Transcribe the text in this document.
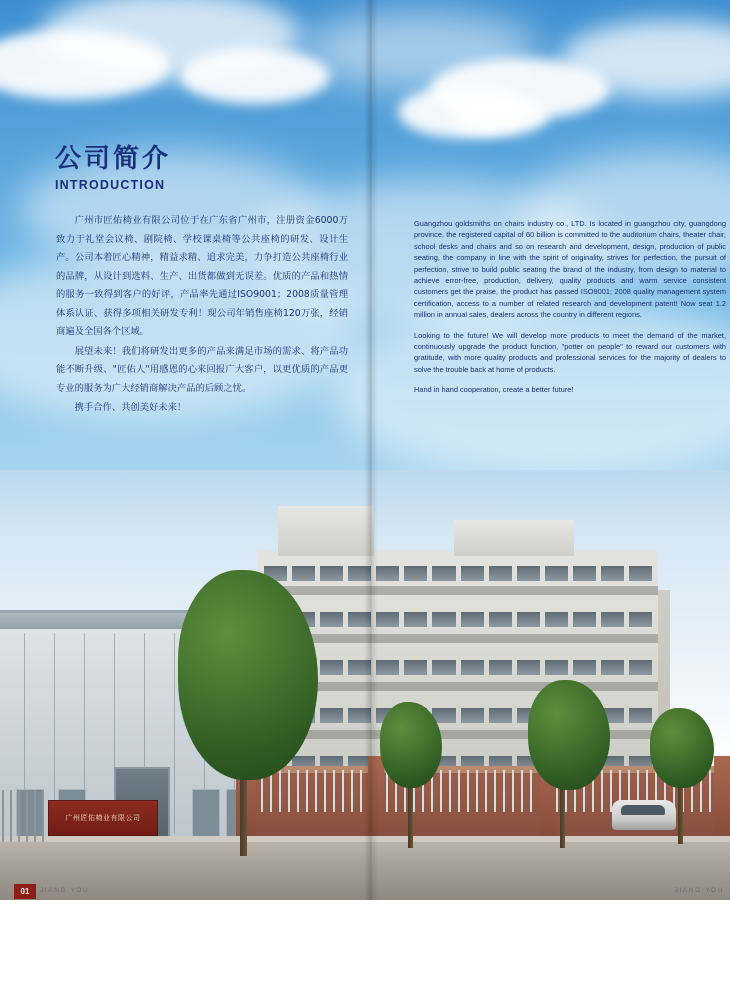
公司简介
INTRODUCTION

广州市匠佑椅业有限公司位于在广东省广州市，注册资金6000万致力于礼堂会议椅、剧院椅、学校课桌椅等公共座椅的研发、设计生产。公司本着匠心精神，精益求精、追求完美，力争打造公共座椅行业的品牌，从设计到选料、生产、出货都做到无误差。优质的产品和热情的服务一致得到客户的好评，产品率先通过ISO9001；2008质量管理体系认证、获得多项相关研发专利！现公司年销售座椅120万张，经销商遍及全国各个区域。

展望未来！我们将研发出更多的产品来满足市场的需求、将产品功能不断升级、"匠佑人"用感恩的心来回报广大客户，以更优质的产品更专业的服务为广大经销商解决产品的后顾之忧。

携手合作、共创美好未来！

Guangzhou goldsmiths on chairs industry co., LTD. Is located in guangzhou city, guangdong province, the registered capital of 60 billion is committed to the auditorium chairs, theater chair, school desks and chairs and so on research and development, design, production of public seating, the company in line with the spirit of originality, strives for perfection, the pursuit of perfection, strive to build public seating the brand of the industry, from design to material to achieve error-free, production, delivery, quality products and warm service consistent customers get the praise, the product has passed ISO9001; 2008 quality management system certification, access to a number of related research and development patent! Now seat 1.2 million in annual sales, dealers across the country in different regions.

Looking to the future! We will develop more products to meet the demand of the market, continuously upgrade the product function, "potter on people" to reward our customers with gratitude, with more quality products and professional services for the majority of dealers to solve the trouble back at home of products.

Hand in hand cooperation, create a better future!

广州匠佑椅业有限公司
01	JIANG YOU	JIANG YOU
